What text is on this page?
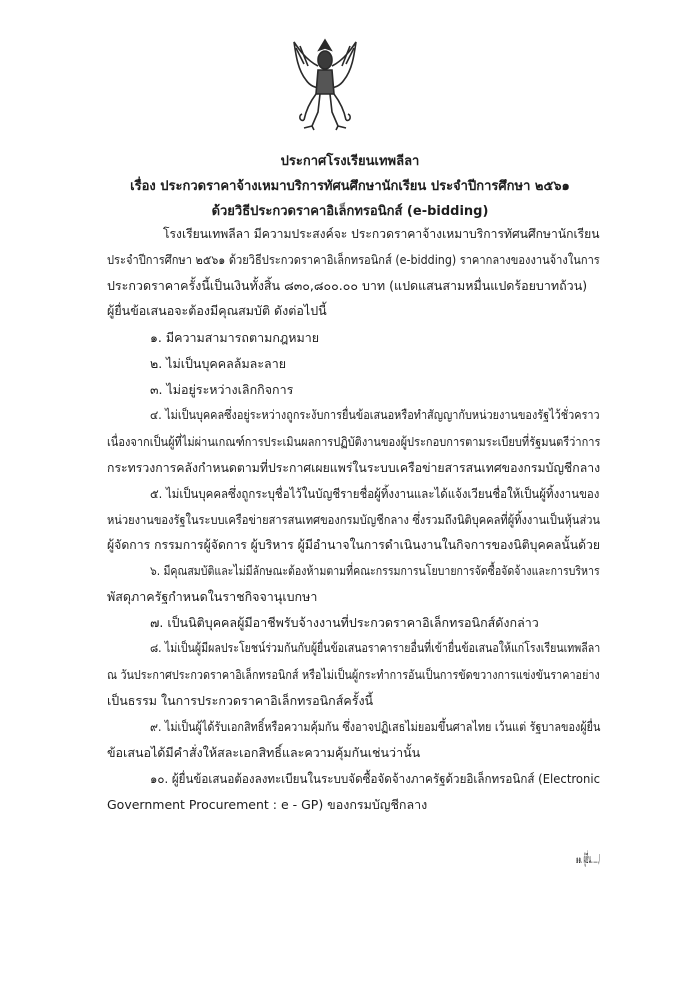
ประกาศโรงเรียนเทพลีลา
เรื่อง ประกวดราคาจ้างเหมาบริการทัศนศึกษานักเรียน ประจำปีการศึกษา ๒๕๖๑
ด้วยวิธีประกวดราคาอิเล็กทรอนิกส์ (e-bidding)
โรงเรียนเทพลีลา มีความประสงค์จะ ประกวดราคาจ้างเหมาบริการทัศนศึกษานักเรียน
ประจำปีการศึกษา ๒๕๖๑ ด้วยวิธีประกวดราคาอิเล็กทรอนิกส์ (e-bidding) ราคากลางของงานจ้างในการ
ประกวดราคาครั้งนี้เป็นเงินทั้งสิ้น ๘๓๐,๘๐๐.๐๐ บาท (แปดแสนสามหมื่นแปดร้อยบาทถ้วน)
ผู้ยื่นข้อเสนอจะต้องมีคุณสมบัติ ดังต่อไปนี้
๑. มีความสามารถตามกฎหมาย
๒. ไม่เป็นบุคคลล้มละลาย
๓. ไม่อยู่ระหว่างเลิกกิจการ
๔. ไม่เป็นบุคคลซึ่งอยู่ระหว่างถูกระงับการยื่นข้อเสนอหรือทำสัญญากับหน่วยงานของรัฐไว้ชั่วคราว
เนื่องจากเป็นผู้ที่ไม่ผ่านเกณฑ์การประเมินผลการปฏิบัติงานของผู้ประกอบการตามระเบียบที่รัฐมนตรีว่าการ
กระทรวงการคลังกำหนดตามที่ประกาศเผยแพร่ในระบบเครือข่ายสารสนเทศของกรมบัญชีกลาง
๕. ไม่เป็นบุคคลซึ่งถูกระบุชื่อไว้ในบัญชีรายชื่อผู้ทิ้งงานและได้แจ้งเวียนชื่อให้เป็นผู้ทิ้งงานของ
หน่วยงานของรัฐในระบบเครือข่ายสารสนเทศของกรมบัญชีกลาง ซึ่งรวมถึงนิติบุคคลที่ผู้ทิ้งงานเป็นหุ้นส่วน
ผู้จัดการ กรรมการผู้จัดการ ผู้บริหาร ผู้มีอำนาจในการดำเนินงานในกิจการของนิติบุคคลนั้นด้วย
๖. มีคุณสมบัติและไม่มีลักษณะต้องห้ามตามที่คณะกรรมการนโยบายการจัดซื้อจัดจ้างและการบริหาร
พัสดุภาครัฐกำหนดในราชกิจจานุเบกษา
๗. เป็นนิติบุคคลผู้มีอาชีพรับจ้างงานที่ประกวดราคาอิเล็กทรอนิกส์ดังกล่าว
๘. ไม่เป็นผู้มีผลประโยชน์ร่วมกันกับผู้ยื่นข้อเสนอราคารายอื่นที่เข้ายื่นข้อเสนอให้แก่โรงเรียนเทพลีลา
ณ วันประกาศประกวดราคาอิเล็กทรอนิกส์ หรือไม่เป็นผู้กระทำการอันเป็นการขัดขวางการแข่งขันราคาอย่าง
เป็นธรรม ในการประกวดราคาอิเล็กทรอนิกส์ครั้งนี้
๙. ไม่เป็นผู้ได้รับเอกสิทธิ์หรือความคุ้มกัน ซึ่งอาจปฏิเสธไม่ยอมขึ้นศาลไทย เว้นแต่ รัฐบาลของผู้ยื่น
ข้อเสนอได้มีคำสั่งให้สละเอกสิทธิ์และความคุ้มกันเช่นว่านั้น
๑๐. ผู้ยื่นข้อเสนอต้องลงทะเบียนในระบบจัดซื้อจัดจ้างภาครัฐด้วยอิเล็กทรอนิกส์ (Electronic
Government Procurement : e - GP) ของกรมบัญชีกลาง
๑๑. ผู้ยื่น....../
